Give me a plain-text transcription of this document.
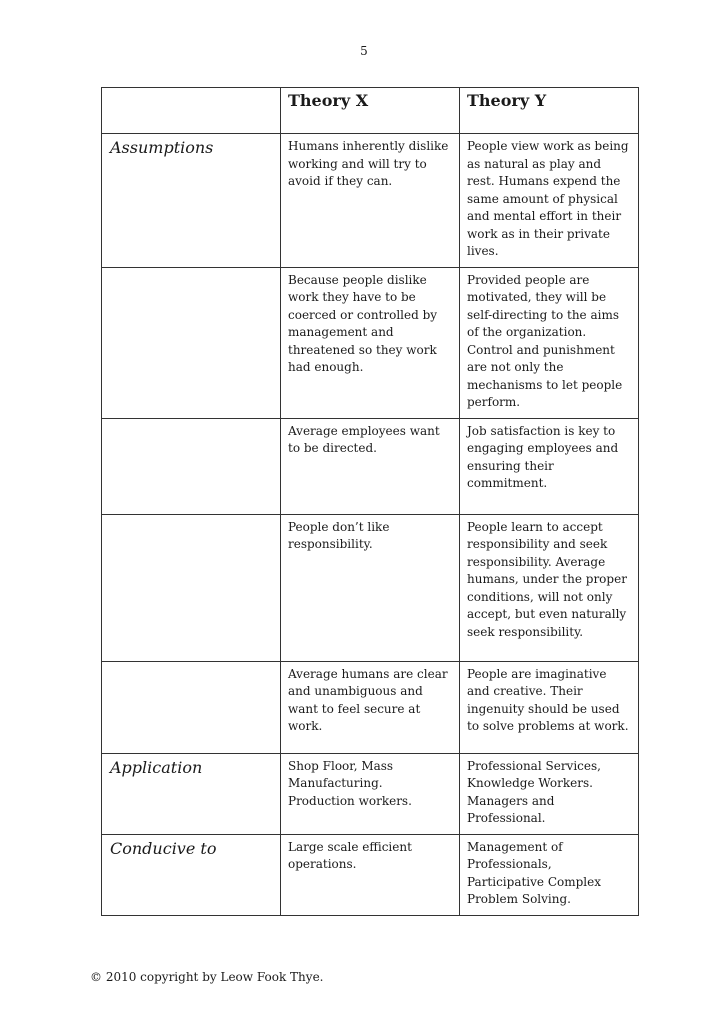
5
	Theory X	Theory Y
Assumptions	Humans inherently dislike working and will try to avoid if they can.	People view work as being as natural as play and rest. Humans expend the same amount of physical and mental effort in their work as in their private lives.
	Because people dislike work they have to be coerced or controlled by management and threatened so they work had enough.	Provided people are motivated, they will be self-directing to the aims of the organization. Control and punishment are not only the mechanisms to let people perform.
	Average employees want to be directed.	Job satisfaction is key to engaging employees and ensuring their commitment.
	People don’t like responsibility.	People learn to accept responsibility and seek responsibility. Average humans, under the proper conditions, will not only accept, but even naturally seek responsibility.
	Average humans are clear and unambiguous and want to feel secure at work.	People are imaginative and creative. Their ingenuity should be used to solve problems at work.
Application	Shop Floor, Mass Manufacturing. Production workers.	Professional Services, Knowledge Workers. Managers and Professional.
Conducive to	Large scale efficient operations.	Management of Professionals, Participative Complex Problem Solving.
© 2010 copyright by Leow Fook Thye.
